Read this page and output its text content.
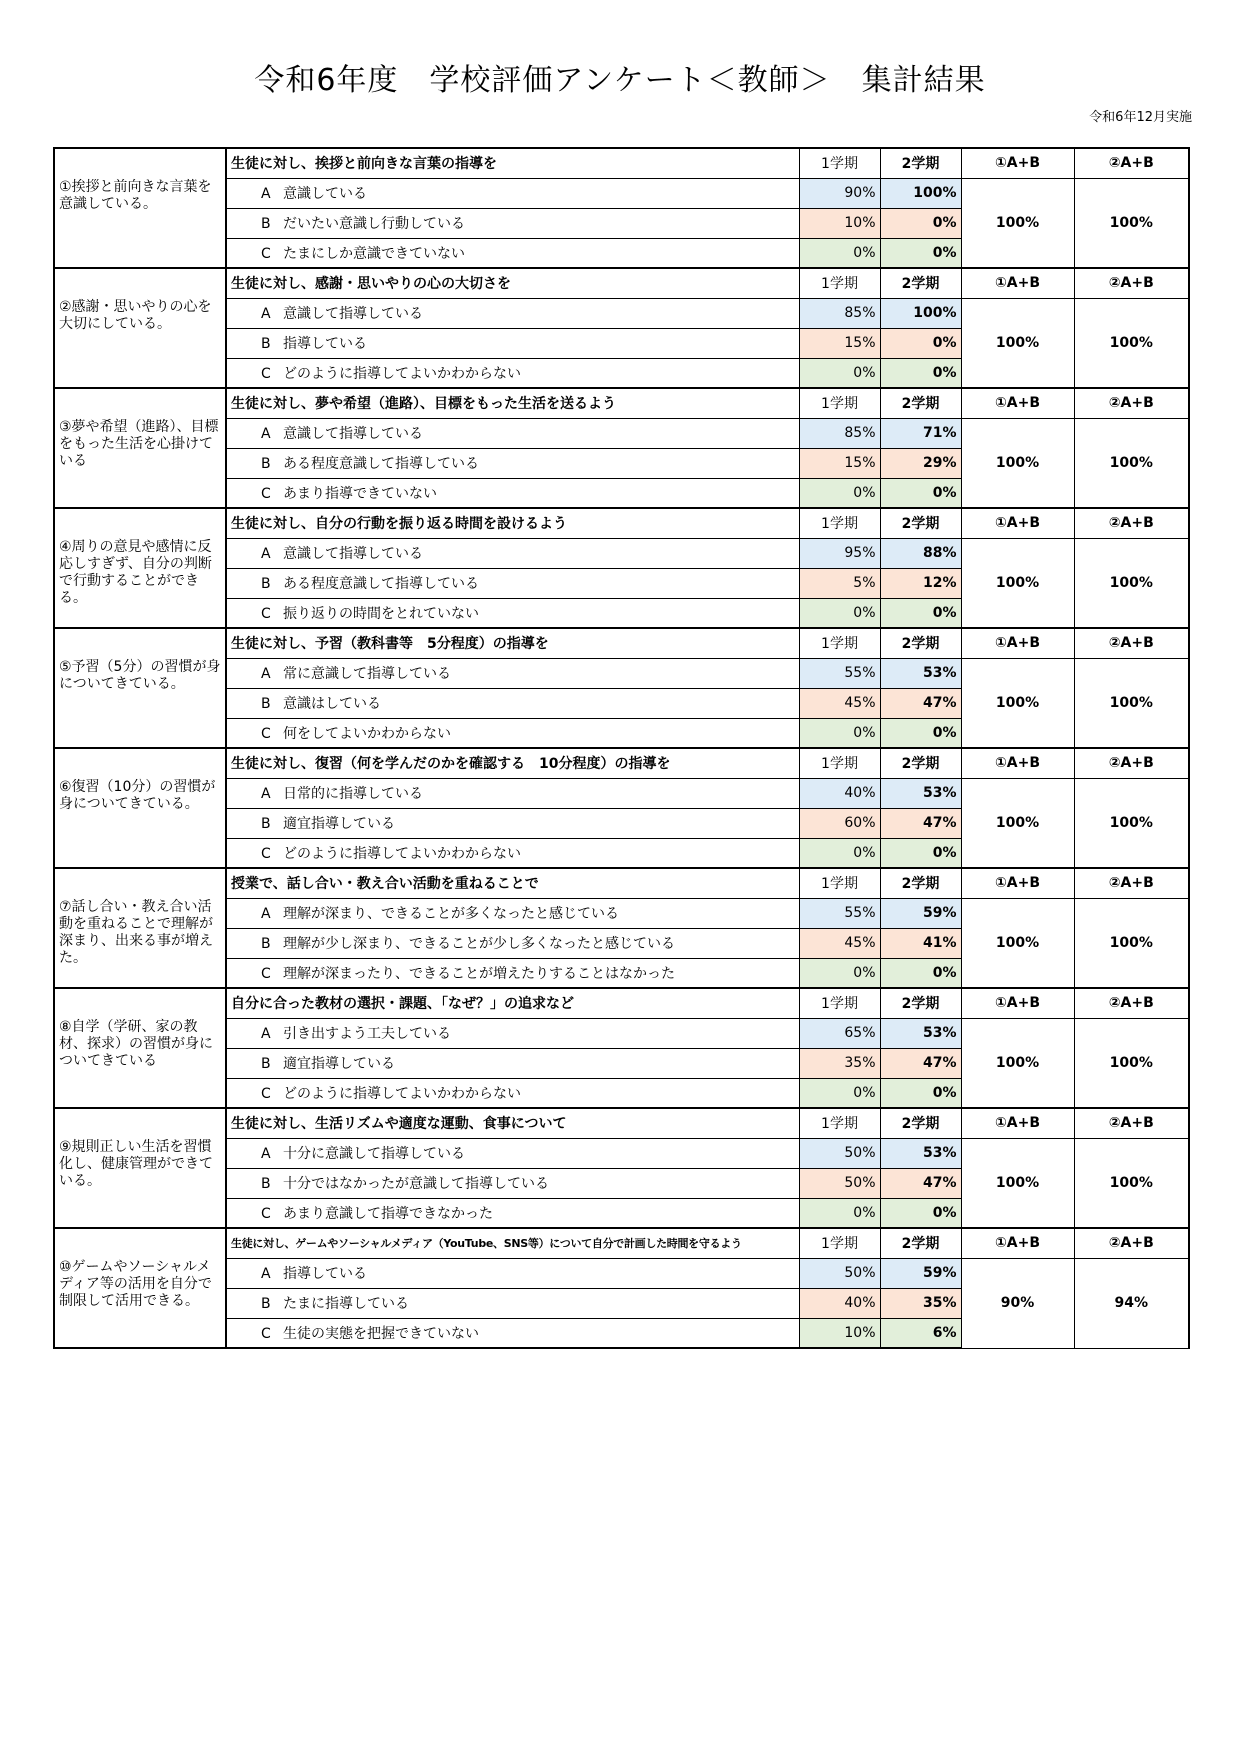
令和6年度　学校評価アンケート＜教師＞　集計結果
令和6年12月実施
①挨拶と前向きな言葉を意識している。	生徒に対し、挨拶と前向きな言葉の指導を	1学期	2学期	①A+B	②A+B
	A 意識している	90%	100%	100%	100%
	B だいたい意識し行動している	10%	0%		
	C たまにしか意識できていない	0%	0%		
②感謝・思いやりの心を大切にしている。	生徒に対し、感謝・思いやりの心の大切さを	1学期	2学期	①A+B	②A+B
	A 意識して指導している	85%	100%	100%	100%
	B 指導している	15%	0%		
	C どのように指導してよいかわからない	0%	0%		
③夢や希望（進路）、目標をもった生活を心掛けている	生徒に対し、夢や希望（進路）、目標をもった生活を送るよう	1学期	2学期	①A+B	②A+B
	A 意識して指導している	85%	71%	100%	100%
	B ある程度意識して指導している	15%	29%		
	C あまり指導できていない	0%	0%		
④周りの意見や感情に反応しすぎず、自分の判断で行動することができる。	生徒に対し、自分の行動を振り返る時間を設けるよう	1学期	2学期	①A+B	②A+B
	A 意識して指導している	95%	88%	100%	100%
	B ある程度意識して指導している	5%	12%		
	C 振り返りの時間をとれていない	0%	0%		
⑤予習（5分）の習慣が身についてきている。	生徒に対し、予習（教科書等　5分程度）の指導を	1学期	2学期	①A+B	②A+B
	A 常に意識して指導している	55%	53%	100%	100%
	B 意識はしている	45%	47%		
	C 何をしてよいかわからない	0%	0%		
⑥復習（10分）の習慣が身についてきている。	生徒に対し、復習（何を学んだのかを確認する　10分程度）の指導を	1学期	2学期	①A+B	②A+B
	A 日常的に指導している	40%	53%	100%	100%
	B 適宜指導している	60%	47%		
	C どのように指導してよいかわからない	0%	0%		
⑦話し合い・教え合い活動を重ねることで理解が深まり、出来る事が増えた。	授業で、話し合い・教え合い活動を重ねることで	1学期	2学期	①A+B	②A+B
	A 理解が深まり、できることが多くなったと感じている	55%	59%	100%	100%
	B 理解が少し深まり、できることが少し多くなったと感じている	45%	41%		
	C 理解が深まったり、できることが増えたりすることはなかった	0%	0%		
⑧自学（学研、家の教材、探求）の習慣が身についてきている	自分に合った教材の選択・課題、「なぜ？」の追求など	1学期	2学期	①A+B	②A+B
	A 引き出すよう工夫している	65%	53%	100%	100%
	B 適宜指導している	35%	47%		
	C どのように指導してよいかわからない	0%	0%		
⑨規則正しい生活を習慣化し、健康管理ができている。	生徒に対し、生活リズムや適度な運動、食事について	1学期	2学期	①A+B	②A+B
	A 十分に意識して指導している	50%	53%	100%	100%
	B 十分ではなかったが意識して指導している	50%	47%		
	C あまり意識して指導できなかった	0%	0%		
⑩ゲームやソーシャルメディア等の活用を自分で制限して活用できる。	生徒に対し、ゲームやソーシャルメディア（YouTube、SNS等）について自分で計画した時間を守るよう	1学期	2学期	①A+B	②A+B
	A 指導している	50%	59%	90%	94%
	B たまに指導している	40%	35%		
	C 生徒の実態を把握できていない	10%	6%		
